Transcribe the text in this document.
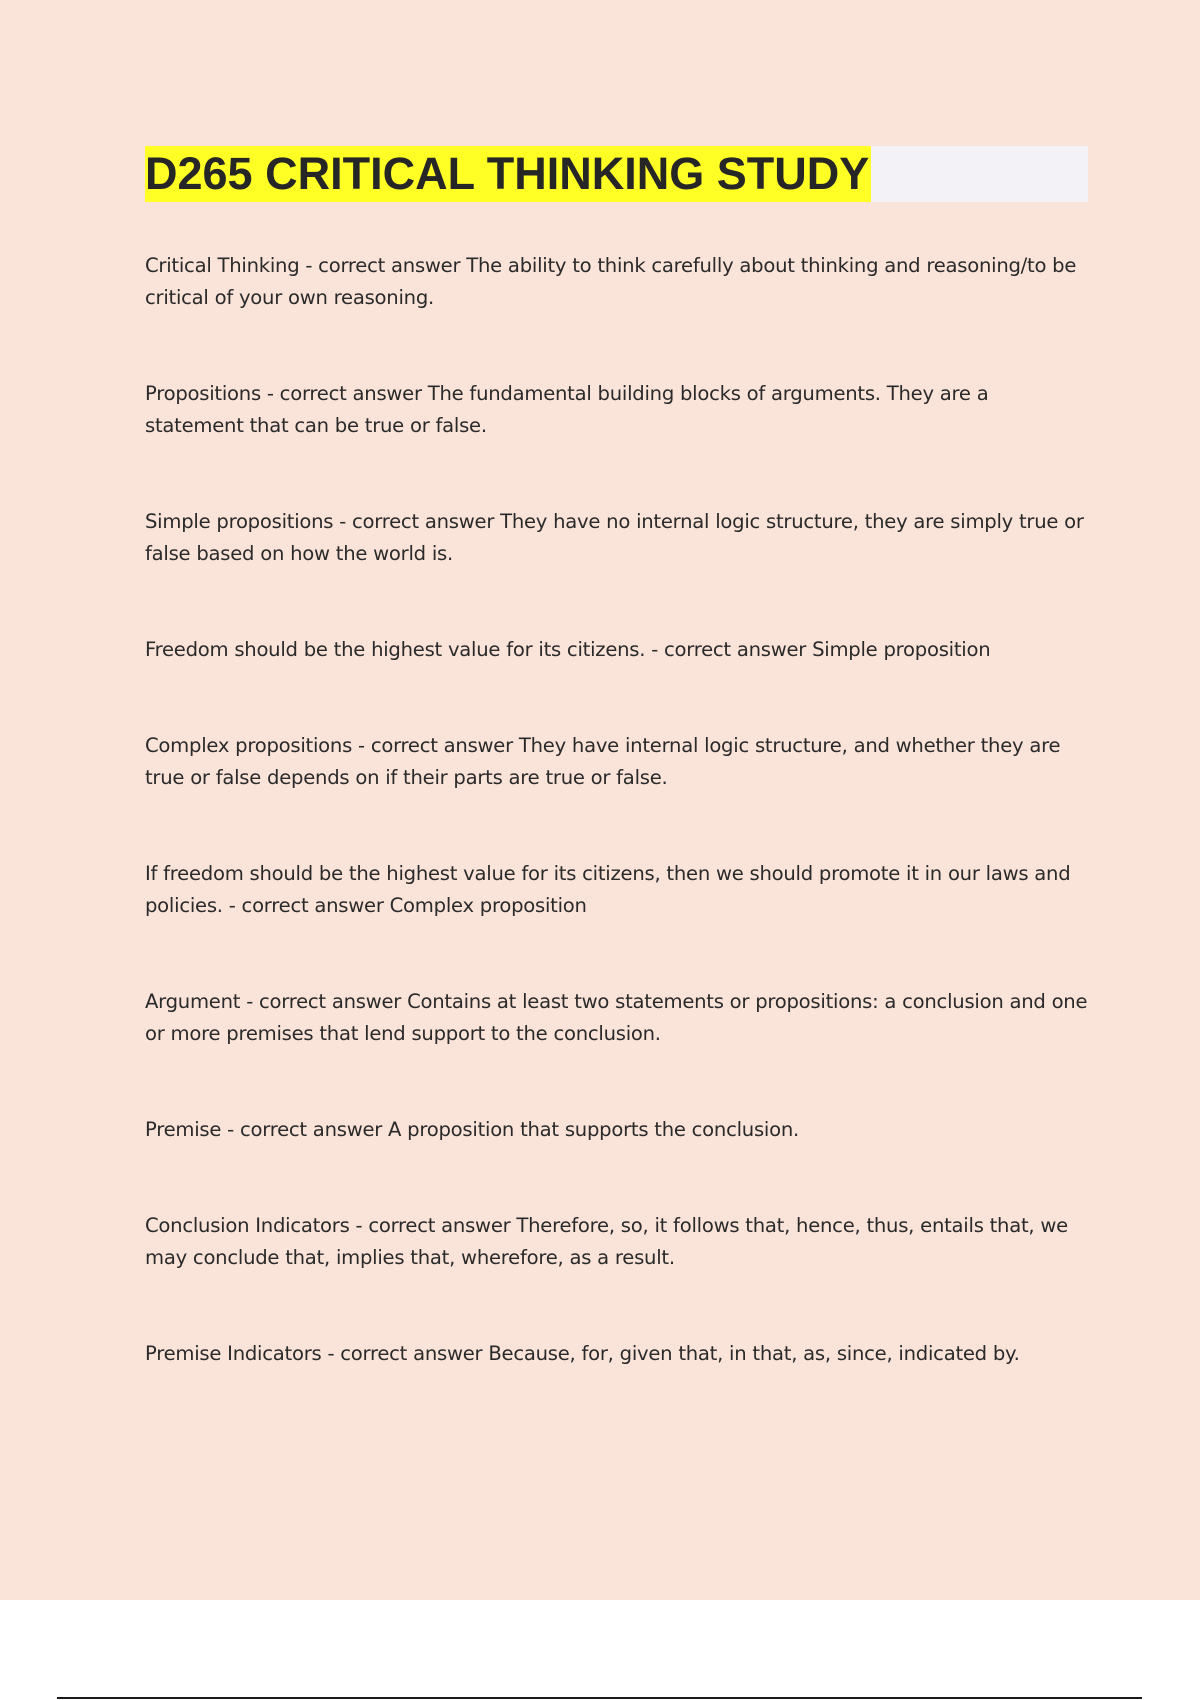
D265 CRITICAL THINKING STUDY
Critical Thinking - correct answer The ability to think carefully about thinking and reasoning/to be critical of your own reasoning.
Propositions - correct answer The fundamental building blocks of arguments. They are a statement that can be true or false.
Simple propositions - correct answer They have no internal logic structure, they are simply true or false based on how the world is.
Freedom should be the highest value for its citizens. - correct answer Simple proposition
Complex propositions - correct answer They have internal logic structure, and whether they are true or false depends on if their parts are true or false.
If freedom should be the highest value for its citizens, then we should promote it in our laws and policies. - correct answer Complex proposition
Argument - correct answer Contains at least two statements or propositions: a conclusion and one or more premises that lend support to the conclusion.
Premise - correct answer A proposition that supports the conclusion.
Conclusion Indicators - correct answer Therefore, so, it follows that, hence, thus, entails that, we may conclude that, implies that, wherefore, as a result.
Premise Indicators - correct answer Because, for, given that, in that, as, since, indicated by.
